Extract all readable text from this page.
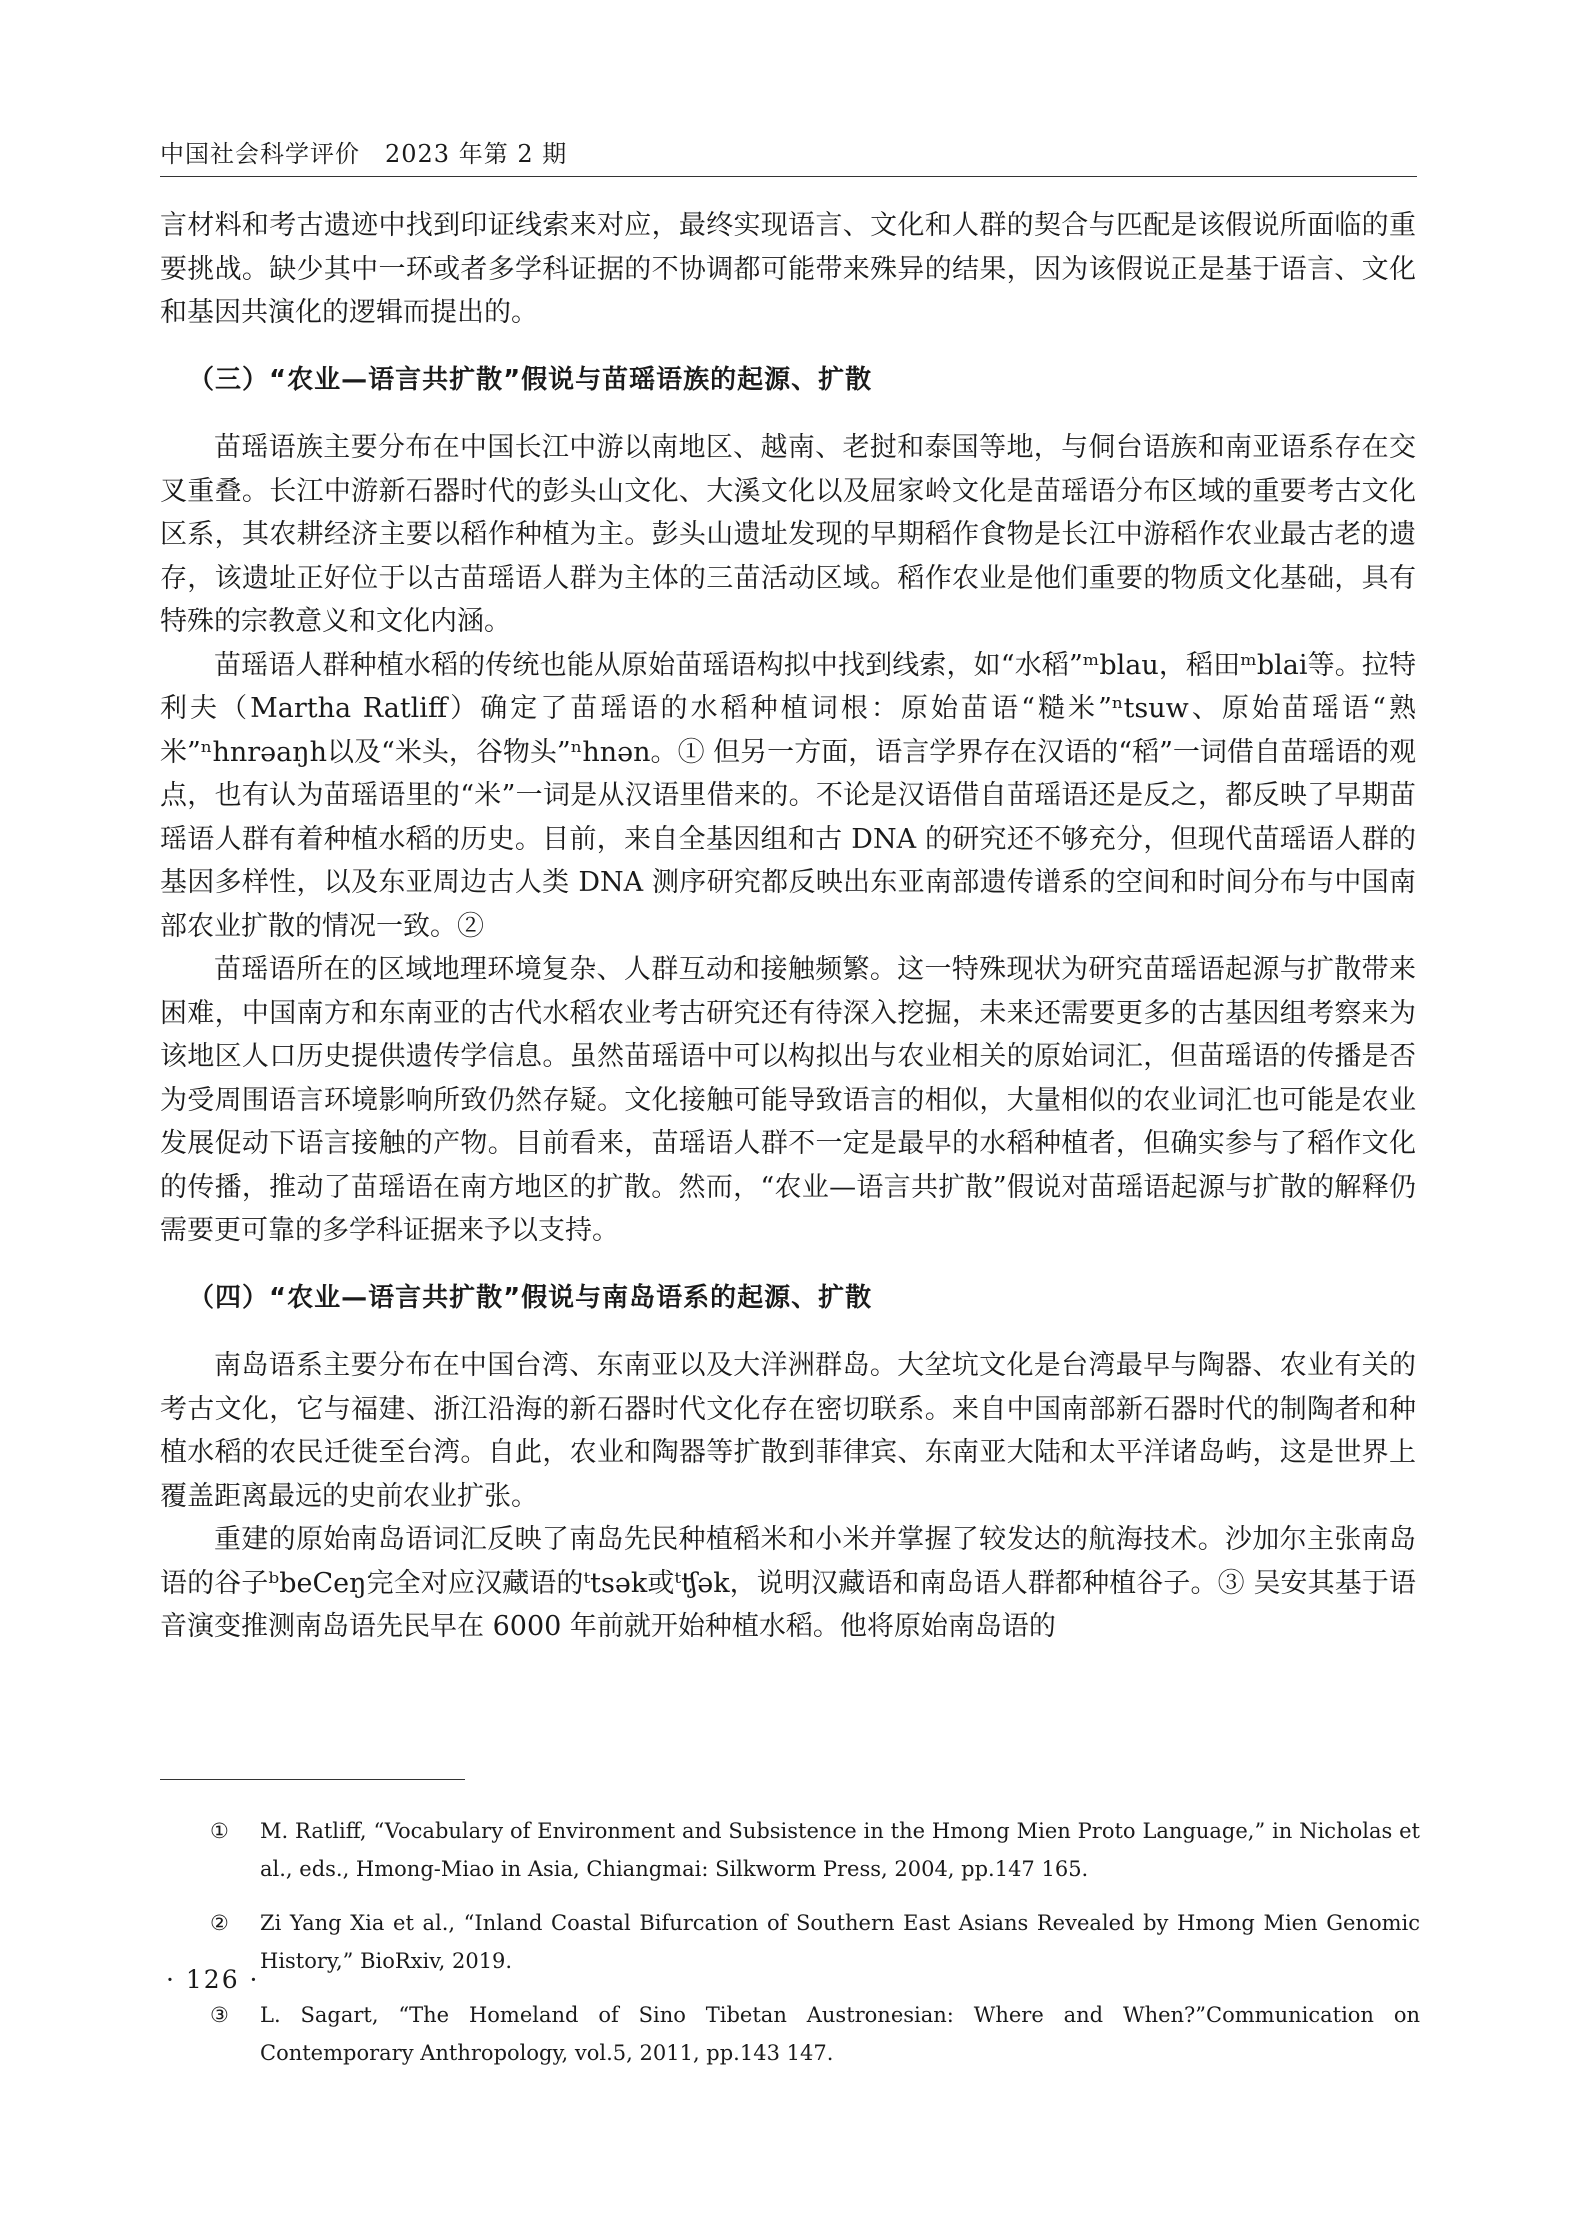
中国社会科学评价　2023 年第 2 期

言材料和考古遗迹中找到印证线索来对应，最终实现语言、文化和人群的契合与匹配是该假说所面临的重要挑战。缺少其中一环或者多学科证据的不协调都可能带来殊异的结果，因为该假说正是基于语言、文化和基因共演化的逻辑而提出的。

（三）“农业—语言共扩散”假说与苗瑶语族的起源、扩散

苗瑶语族主要分布在中国长江中游以南地区、越南、老挝和泰国等地，与侗台语族和南亚语系存在交叉重叠。长江中游新石器时代的彭头山文化、大溪文化以及屈家岭文化是苗瑶语分布区域的重要考古文化区系，其农耕经济主要以稻作种植为主。彭头山遗址发现的早期稻作食物是长江中游稻作农业最古老的遗存，该遗址正好位于以古苗瑶语人群为主体的三苗活动区域。稻作农业是他们重要的物质文化基础，具有特殊的宗教意义和文化内涵。

苗瑶语人群种植水稻的传统也能从原始苗瑶语构拟中找到线索，如“水稻”ᵐblau，稻田ᵐblai等。拉特利夫（Martha Ratliff）确定了苗瑶语的水稻种植词根：原始苗语“糙米”ⁿtsuw、原始苗瑶语“熟米”ⁿhnrəaŋh以及“米头，谷物头”ⁿhnən。① 但另一方面，语言学界存在汉语的“稻”一词借自苗瑶语的观点，也有认为苗瑶语里的“米”一词是从汉语里借来的。不论是汉语借自苗瑶语还是反之，都反映了早期苗瑶语人群有着种植水稻的历史。目前，来自全基因组和古 DNA 的研究还不够充分，但现代苗瑶语人群的基因多样性，以及东亚周边古人类 DNA 测序研究都反映出东亚南部遗传谱系的空间和时间分布与中国南部农业扩散的情况一致。②

苗瑶语所在的区域地理环境复杂、人群互动和接触频繁。这一特殊现状为研究苗瑶语起源与扩散带来困难，中国南方和东南亚的古代水稻农业考古研究还有待深入挖掘，未来还需要更多的古基因组考察来为该地区人口历史提供遗传学信息。虽然苗瑶语中可以构拟出与农业相关的原始词汇，但苗瑶语的传播是否为受周围语言环境影响所致仍然存疑。文化接触可能导致语言的相似，大量相似的农业词汇也可能是农业发展促动下语言接触的产物。目前看来，苗瑶语人群不一定是最早的水稻种植者，但确实参与了稻作文化的传播，推动了苗瑶语在南方地区的扩散。然而，“农业—语言共扩散”假说对苗瑶语起源与扩散的解释仍需要更可靠的多学科证据来予以支持。

（四）“农业—语言共扩散”假说与南岛语系的起源、扩散

南岛语系主要分布在中国台湾、东南亚以及大洋洲群岛。大坌坑文化是台湾最早与陶器、农业有关的考古文化，它与福建、浙江沿海的新石器时代文化存在密切联系。来自中国南部新石器时代的制陶者和种植水稻的农民迁徙至台湾。自此，农业和陶器等扩散到菲律宾、东南亚大陆和太平洋诸岛屿，这是世界上覆盖距离最远的史前农业扩张。

重建的原始南岛语词汇反映了南岛先民种植稻米和小米并掌握了较发达的航海技术。沙加尔主张南岛语的谷子ᵇbeCeŋ完全对应汉藏语的ᵗtsək或ᵗʧək，说明汉藏语和南岛语人群都种植谷子。③ 吴安其基于语音演变推测南岛语先民早在 6000 年前就开始种植水稻。他将原始南岛语的

① M. Ratliff, “Vocabulary of Environment and Subsistence in the Hmong Mien Proto Language,” in Nicholas et al., eds., Hmong-Miao in Asia, Chiangmai: Silkworm Press, 2004, pp.147 165.
② Zi Yang Xia et al., “Inland Coastal Bifurcation of Southern East Asians Revealed by Hmong Mien Genomic History,” BioRxiv, 2019.
③ L. Sagart, “The Homeland of Sino Tibetan Austronesian: Where and When?”Communication on Contemporary Anthropology, vol.5, 2011, pp.143 147.
· 126 ·
